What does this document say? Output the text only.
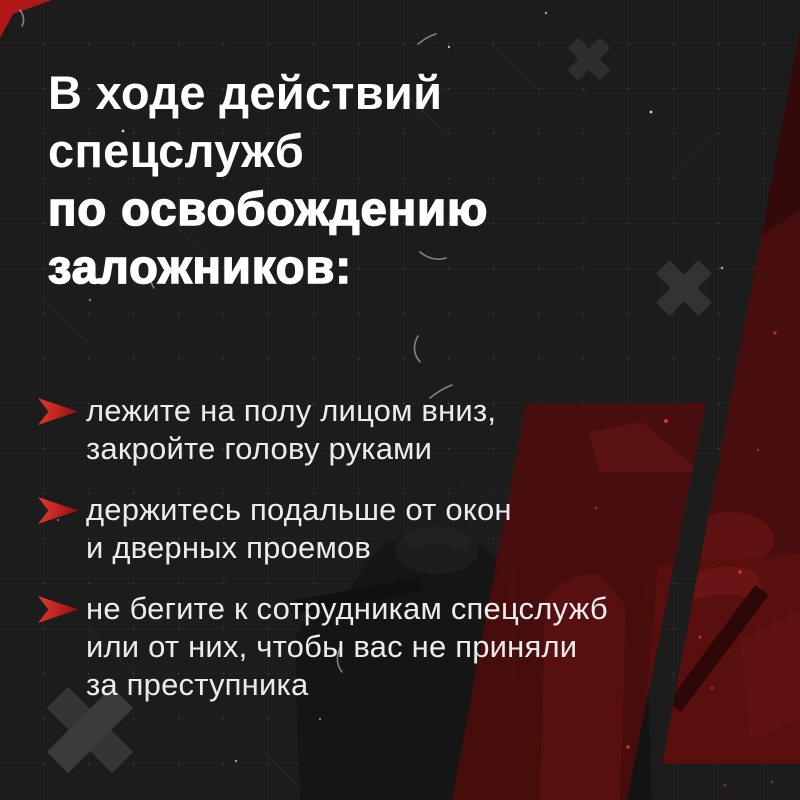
В ходе действий
спецслужб
по освобождению
заложников:
лежите на полу лицом вниз,
закройте голову руками
держитесь подальше от окон
и дверных проемов
не бегите к сотрудникам спецслужб
или от них, чтобы вас не приняли
за преступника
